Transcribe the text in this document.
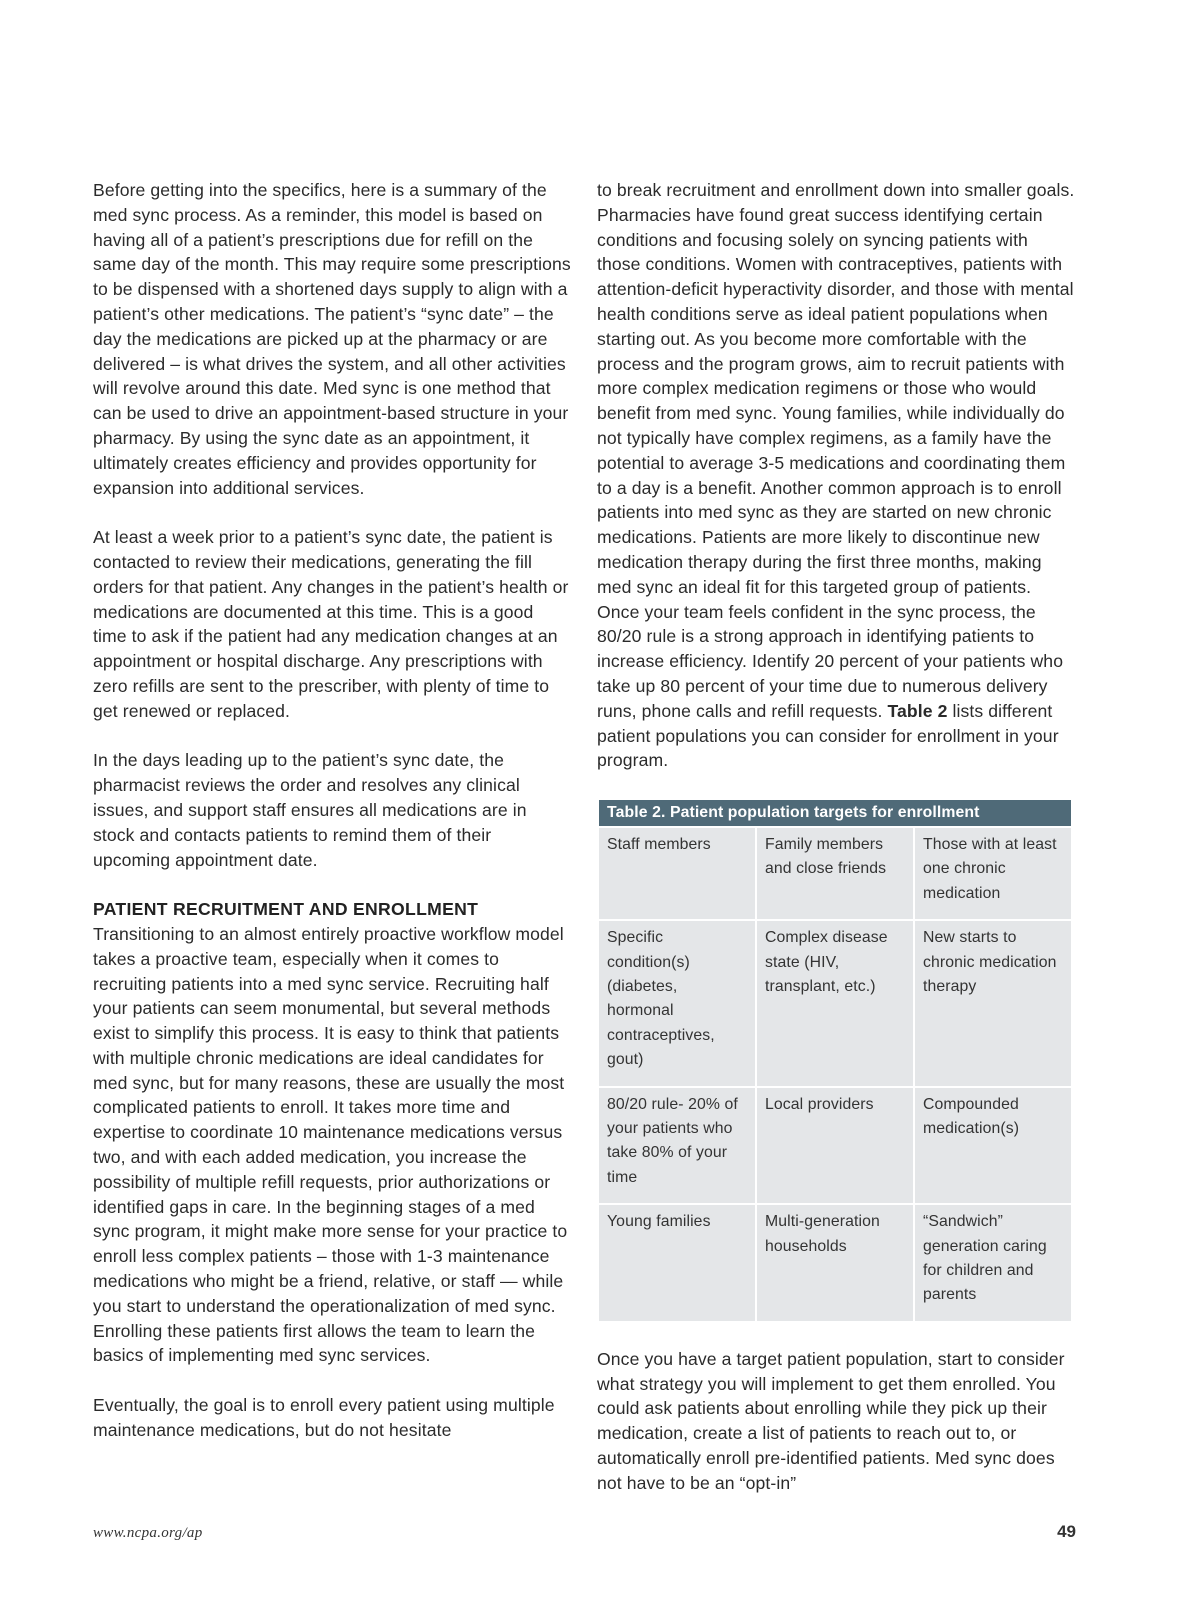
Before getting into the specifics, here is a summary of the med sync process. As a reminder, this model is based on having all of a patient’s prescriptions due for refill on the same day of the month. This may require some prescriptions to be dispensed with a shortened days supply to align with a patient’s other medications. The patient’s “sync date” – the day the medications are picked up at the pharmacy or are delivered – is what drives the system, and all other activities will revolve around this date. Med sync is one method that can be used to drive an appointment-based structure in your pharmacy. By using the sync date as an appointment, it ultimately creates efficiency and provides opportunity for expansion into additional services.

At least a week prior to a patient’s sync date, the patient is contacted to review their medications, generating the fill orders for that patient. Any changes in the patient’s health or medications are documented at this time. This is a good time to ask if the patient had any medication changes at an appointment or hospital discharge. Any prescriptions with zero refills are sent to the prescriber, with plenty of time to get renewed or replaced.

In the days leading up to the patient’s sync date, the pharmacist reviews the order and resolves any clinical issues, and support staff ensures all medications are in stock and contacts patients to remind them of their upcoming appointment date.

PATIENT RECRUITMENT AND ENROLLMENT

Transitioning to an almost entirely proactive workflow model takes a proactive team, especially when it comes to recruiting patients into a med sync service. Recruiting half your patients can seem monumental, but several methods exist to simplify this process. It is easy to think that patients with multiple chronic medications are ideal candidates for med sync, but for many reasons, these are usually the most complicated patients to enroll. It takes more time and expertise to coordinate 10 maintenance medications versus two, and with each added medication, you increase the possibility of multiple refill requests, prior authorizations or identified gaps in care. In the beginning stages of a med sync program, it might make more sense for your practice to enroll less complex patients – those with 1-3 maintenance medications who might be a friend, relative, or staff — while you start to understand the operationalization of med sync. Enrolling these patients first allows the team to learn the basics of implementing med sync services.

Eventually, the goal is to enroll every patient using multiple maintenance medications, but do not hesitate

to break recruitment and enrollment down into smaller goals. Pharmacies have found great success identifying certain conditions and focusing solely on syncing patients with those conditions. Women with contraceptives, patients with attention-deficit hyperactivity disorder, and those with mental health conditions serve as ideal patient populations when starting out. As you become more comfortable with the process and the program grows, aim to recruit patients with more complex medication regimens or those who would benefit from med sync. Young families, while individually do not typically have complex regimens, as a family have the potential to average 3-5 medications and coordinating them to a day is a benefit. Another common approach is to enroll patients into med sync as they are started on new chronic medications. Patients are more likely to discontinue new medication therapy during the first three months, making med sync an ideal fit for this targeted group of patients. Once your team feels confident in the sync process, the 80/20 rule is a strong approach in identifying patients to increase efficiency. Identify 20 percent of your patients who take up 80 percent of your time due to numerous delivery runs, phone calls and refill requests. Table 2 lists different patient populations you can consider for enrollment in your program.

Table 2. Patient population targets for enrollment
Staff members	Family members and close friends	Those with at least one chronic medication
Specific condition(s) (diabetes, hormonal contraceptives, gout)	Complex disease state (HIV, transplant, etc.)	New starts to chronic medication therapy
80/20 rule- 20% of your patients who take 80% of your time	Local providers	Compounded medication(s)
Young families	Multi-generation households	“Sandwich” generation caring for children and parents

Once you have a target patient population, start to consider what strategy you will implement to get them enrolled. You could ask patients about enrolling while they pick up their medication, create a list of patients to reach out to, or automatically enroll pre-identified patients. Med sync does not have to be an “opt-in”

www.ncpa.org/ap	49
